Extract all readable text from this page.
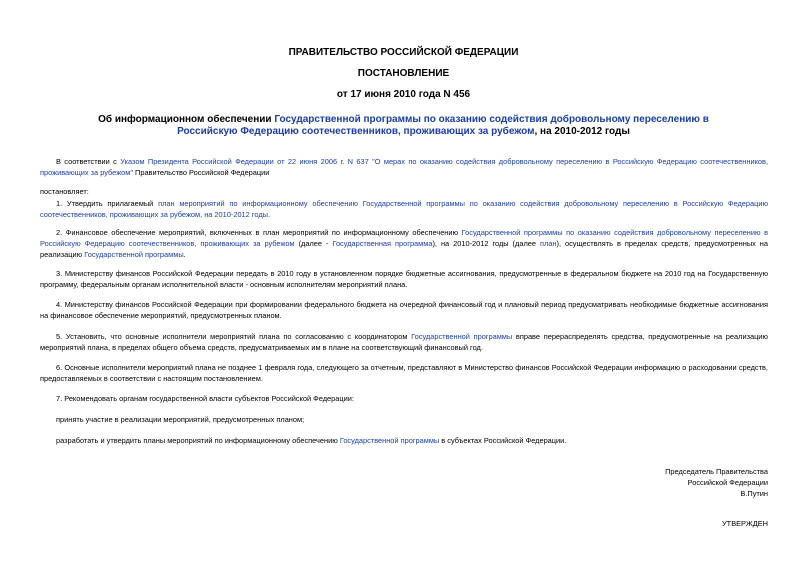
ПРАВИТЕЛЬСТВО РОССИЙСКОЙ ФЕДЕРАЦИИ
ПОСТАНОВЛЕНИЕ
от 17 июня 2010 года N 456
Об информационном обеспечении Государственной программы по оказанию содействия добровольному переселению в Российскую Федерацию соотечественников, проживающих за рубежом, на 2010-2012 годы
В соответствии с Указом Президента Российской Федерации от 22 июня 2006 г. N 637 "О мерах по оказанию содействия добровольному переселению в Российскую Федерацию соотечественников, проживающих за рубежом" Правительство Российской Федерации
постановляет:
1. Утвердить прилагаемый план мероприятий по информационному обеспечению Государственной программы по оказанию содействия добровольному переселению в Российскую Федерацию соотечественников, проживающих за рубежом, на 2010-2012 годы.
2. Финансовое обеспечение мероприятий, включенных в план мероприятий по информационному обеспечению Государственной программы по оказанию содействия добровольному переселению в Российскую Федерацию соотечественников, проживающих за рубежом (далее - Государственная программа), на 2010-2012 годы (далее план), осуществлять в пределах средств, предусмотренных на реализацию Государственной программы.
3. Министерству финансов Российской Федерации передать в 2010 году в установленном порядке бюджетные ассигнования, предусмотренные в федеральном бюджете на 2010 год на Государственную программу, федеральным органам исполнительной власти - основным исполнителям мероприятий плана.
4. Министерству финансов Российской Федерации при формировании федерального бюджета на очередной финансовый год и плановый период предусматривать необходимые бюджетные ассигнования на финансовое обеспечение мероприятий, предусмотренных планом.
5. Установить, что основные исполнители мероприятий плана по согласованию с координатором Государственной программы вправе перераспределять средства, предусмотренные на реализацию мероприятий плана, в пределах общего объема средств, предусматриваемых им в плане на соответствующий финансовый год.
6. Основные исполнители мероприятий плана не позднее 1 февраля года, следующего за отчетным, представляют в Министерство финансов Российской Федерации информацию о расходовании средств, предоставляемых в соответствии с настоящим постановлением.
7. Рекомендовать органам государственной власти субъектов Российской Федерации:
принять участие в реализации мероприятий, предусмотренных планом;
разработать и утвердить планы мероприятий по информационному обеспечению Государственной программы в субъектах Российской Федерации.
Председатель Правительства
Российской Федерации
В.Путин
УТВЕРЖДЕН
